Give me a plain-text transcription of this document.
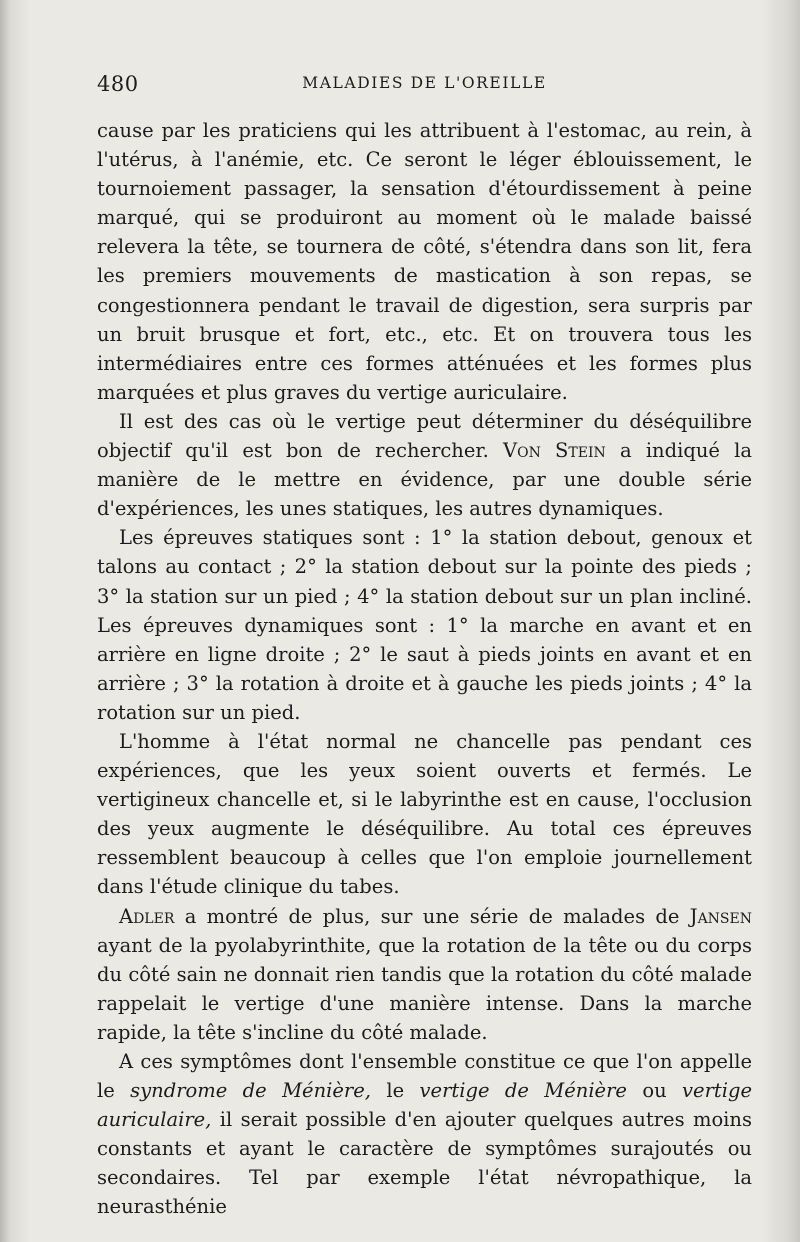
480	MALADIES DE L'OREILLE

cause par les praticiens qui les attribuent à l'estomac, au rein, à l'utérus, à l'anémie, etc. Ce seront le léger éblouissement, le tournoiement passager, la sensation d'étourdissement à peine marqué, qui se produiront au moment où le malade baissé relevera la tête, se tournera de côté, s'étendra dans son lit, fera les premiers mouvements de mastication à son repas, se congestionnera pendant le travail de digestion, sera surpris par un bruit brusque et fort, etc., etc. Et on trouvera tous les intermédiaires entre ces formes atténuées et les formes plus marquées et plus graves du vertige auriculaire.

Il est des cas où le vertige peut déterminer du déséquilibre objectif qu'il est bon de rechercher. Von Stein a indiqué la manière de le mettre en évidence, par une double série d'expériences, les unes statiques, les autres dynamiques.

Les épreuves statiques sont : 1° la station debout, genoux et talons au contact ; 2° la station debout sur la pointe des pieds ; 3° la station sur un pied ; 4° la station debout sur un plan incliné. Les épreuves dynamiques sont : 1° la marche en avant et en arrière en ligne droite ; 2° le saut à pieds joints en avant et en arrière ; 3° la rotation à droite et à gauche les pieds joints ; 4° la rotation sur un pied.

L'homme à l'état normal ne chancelle pas pendant ces expériences, que les yeux soient ouverts et fermés. Le vertigineux chancelle et, si le labyrinthe est en cause, l'occlusion des yeux augmente le déséquilibre. Au total ces épreuves ressemblent beaucoup à celles que l'on emploie journellement dans l'étude clinique du tabes.

Adler a montré de plus, sur une série de malades de Jansen ayant de la pyolabyrinthite, que la rotation de la tête ou du corps du côté sain ne donnait rien tandis que la rotation du côté malade rappelait le vertige d'une manière intense. Dans la marche rapide, la tête s'incline du côté malade.

A ces symptômes dont l'ensemble constitue ce que l'on appelle le syndrome de Ménière, le vertige de Ménière ou vertige auriculaire, il serait possible d'en ajouter quelques autres moins constants et ayant le caractère de symptômes surajoutés ou secondaires. Tel par exemple l'état névropathique, la neurasthénie
